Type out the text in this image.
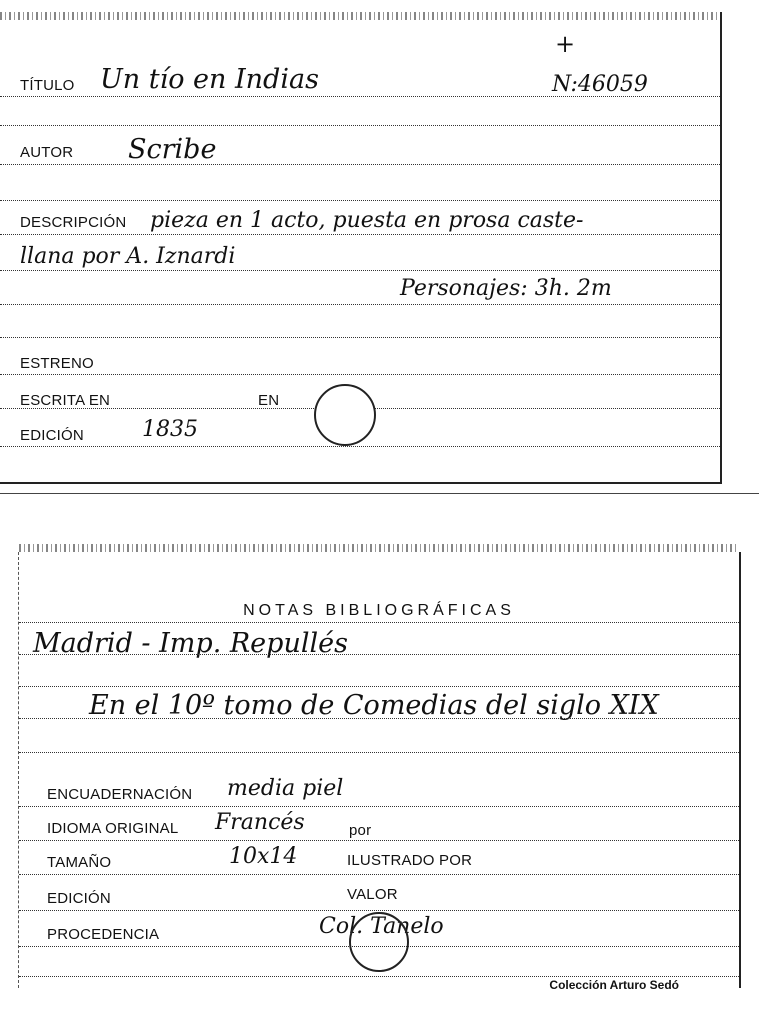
TÍTULO Un tío en Indias
+
N:46059
AUTOR Scribe
DESCRIPCIÓN pieza en 1 acto, puesta en prosa caste-
llana por A. Iznardi
Personajes: 3h. 2m
ESTRENO
ESCRITA EN	EN
EDICIÓN	1835
NOTAS BIBLIOGRÁFICAS
Madrid - Imp. Repullés
En el 10º tomo de Comedias del siglo XIX
ENCUADERNACIÓN media piel
IDIOMA ORIGINAL Francés	por
TAMAÑO	10x14	ILUSTRADO POR
EDICIÓN	VALOR
PROCEDENCIA	Col. Tanelo
Colección Arturo Sedó
